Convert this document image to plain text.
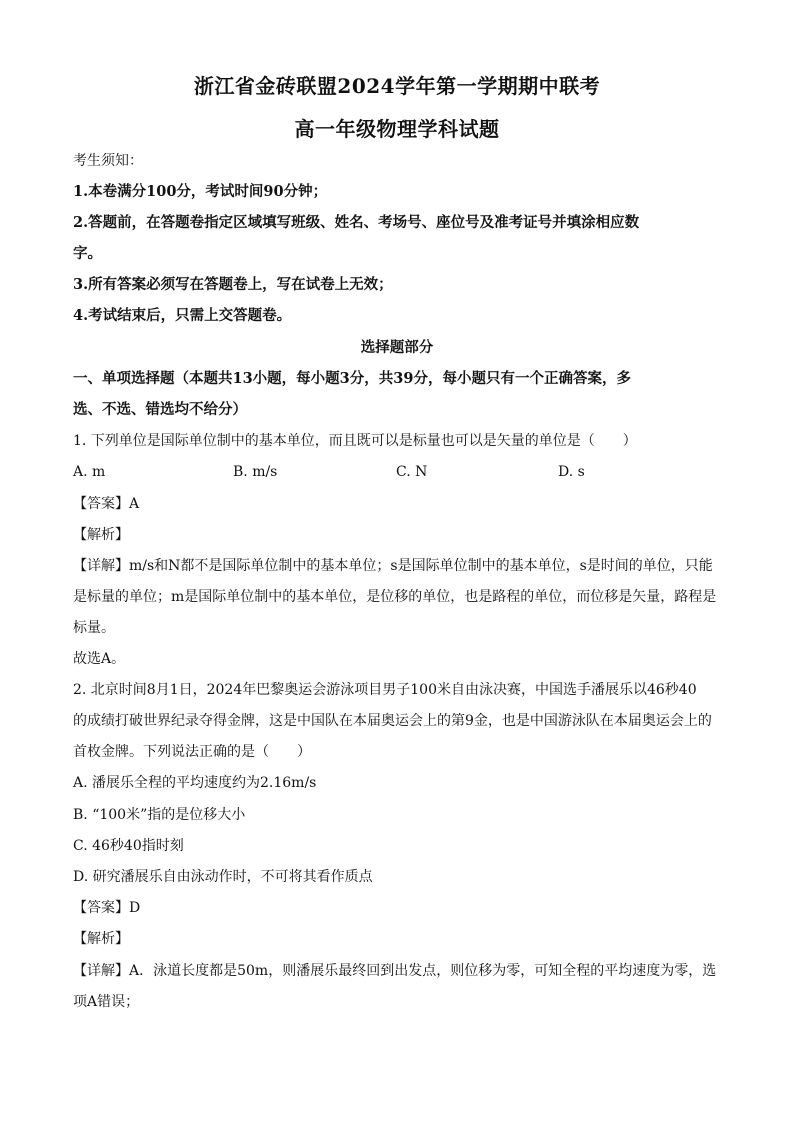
浙江省金砖联盟2024学年第一学期期中联考
高一年级物理学科试题
考生须知：
1.本卷满分100分，考试时间90分钟；
2.答题前，在答题卷指定区域填写班级、姓名、考场号、座位号及准考证号并填涂相应数
字。
3.所有答案必须写在答题卷上，写在试卷上无效；
4.考试结束后，只需上交答题卷。
选择题部分
一、单项选择题（本题共13小题，每小题3分，共39分，每小题只有一个正确答案，多
选、不选、错选均不给分）
1. 下列单位是国际单位制中的基本单位，而且既可以是标量也可以是矢量的单位是（　　）
A. m	B. m/s	C. N	D. s
【答案】A
【解析】
【详解】m/s和N都不是国际单位制中的基本单位；s是国际单位制中的基本单位，s是时间的单位，只能
是标量的单位；m是国际单位制中的基本单位，是位移的单位，也是路程的单位，而位移是矢量，路程是
标量。
故选A。
2. 北京时间8月1日，2024年巴黎奥运会游泳项目男子100米自由泳决赛，中国选手潘展乐以46秒40
的成绩打破世界纪录夺得金牌，这是中国队在本届奥运会上的第9金，也是中国游泳队在本届奥运会上的
首枚金牌。下列说法正确的是（　　）
A. 潘展乐全程的平均速度约为2.16m/s
B. “100米”指的是位移大小
C. 46秒40指时刻
D. 研究潘展乐自由泳动作时，不可将其看作质点
【答案】D
【解析】
【详解】A．泳道长度都是50m，则潘展乐最终回到出发点，则位移为零，可知全程的平均速度为零，选
项A错误；
